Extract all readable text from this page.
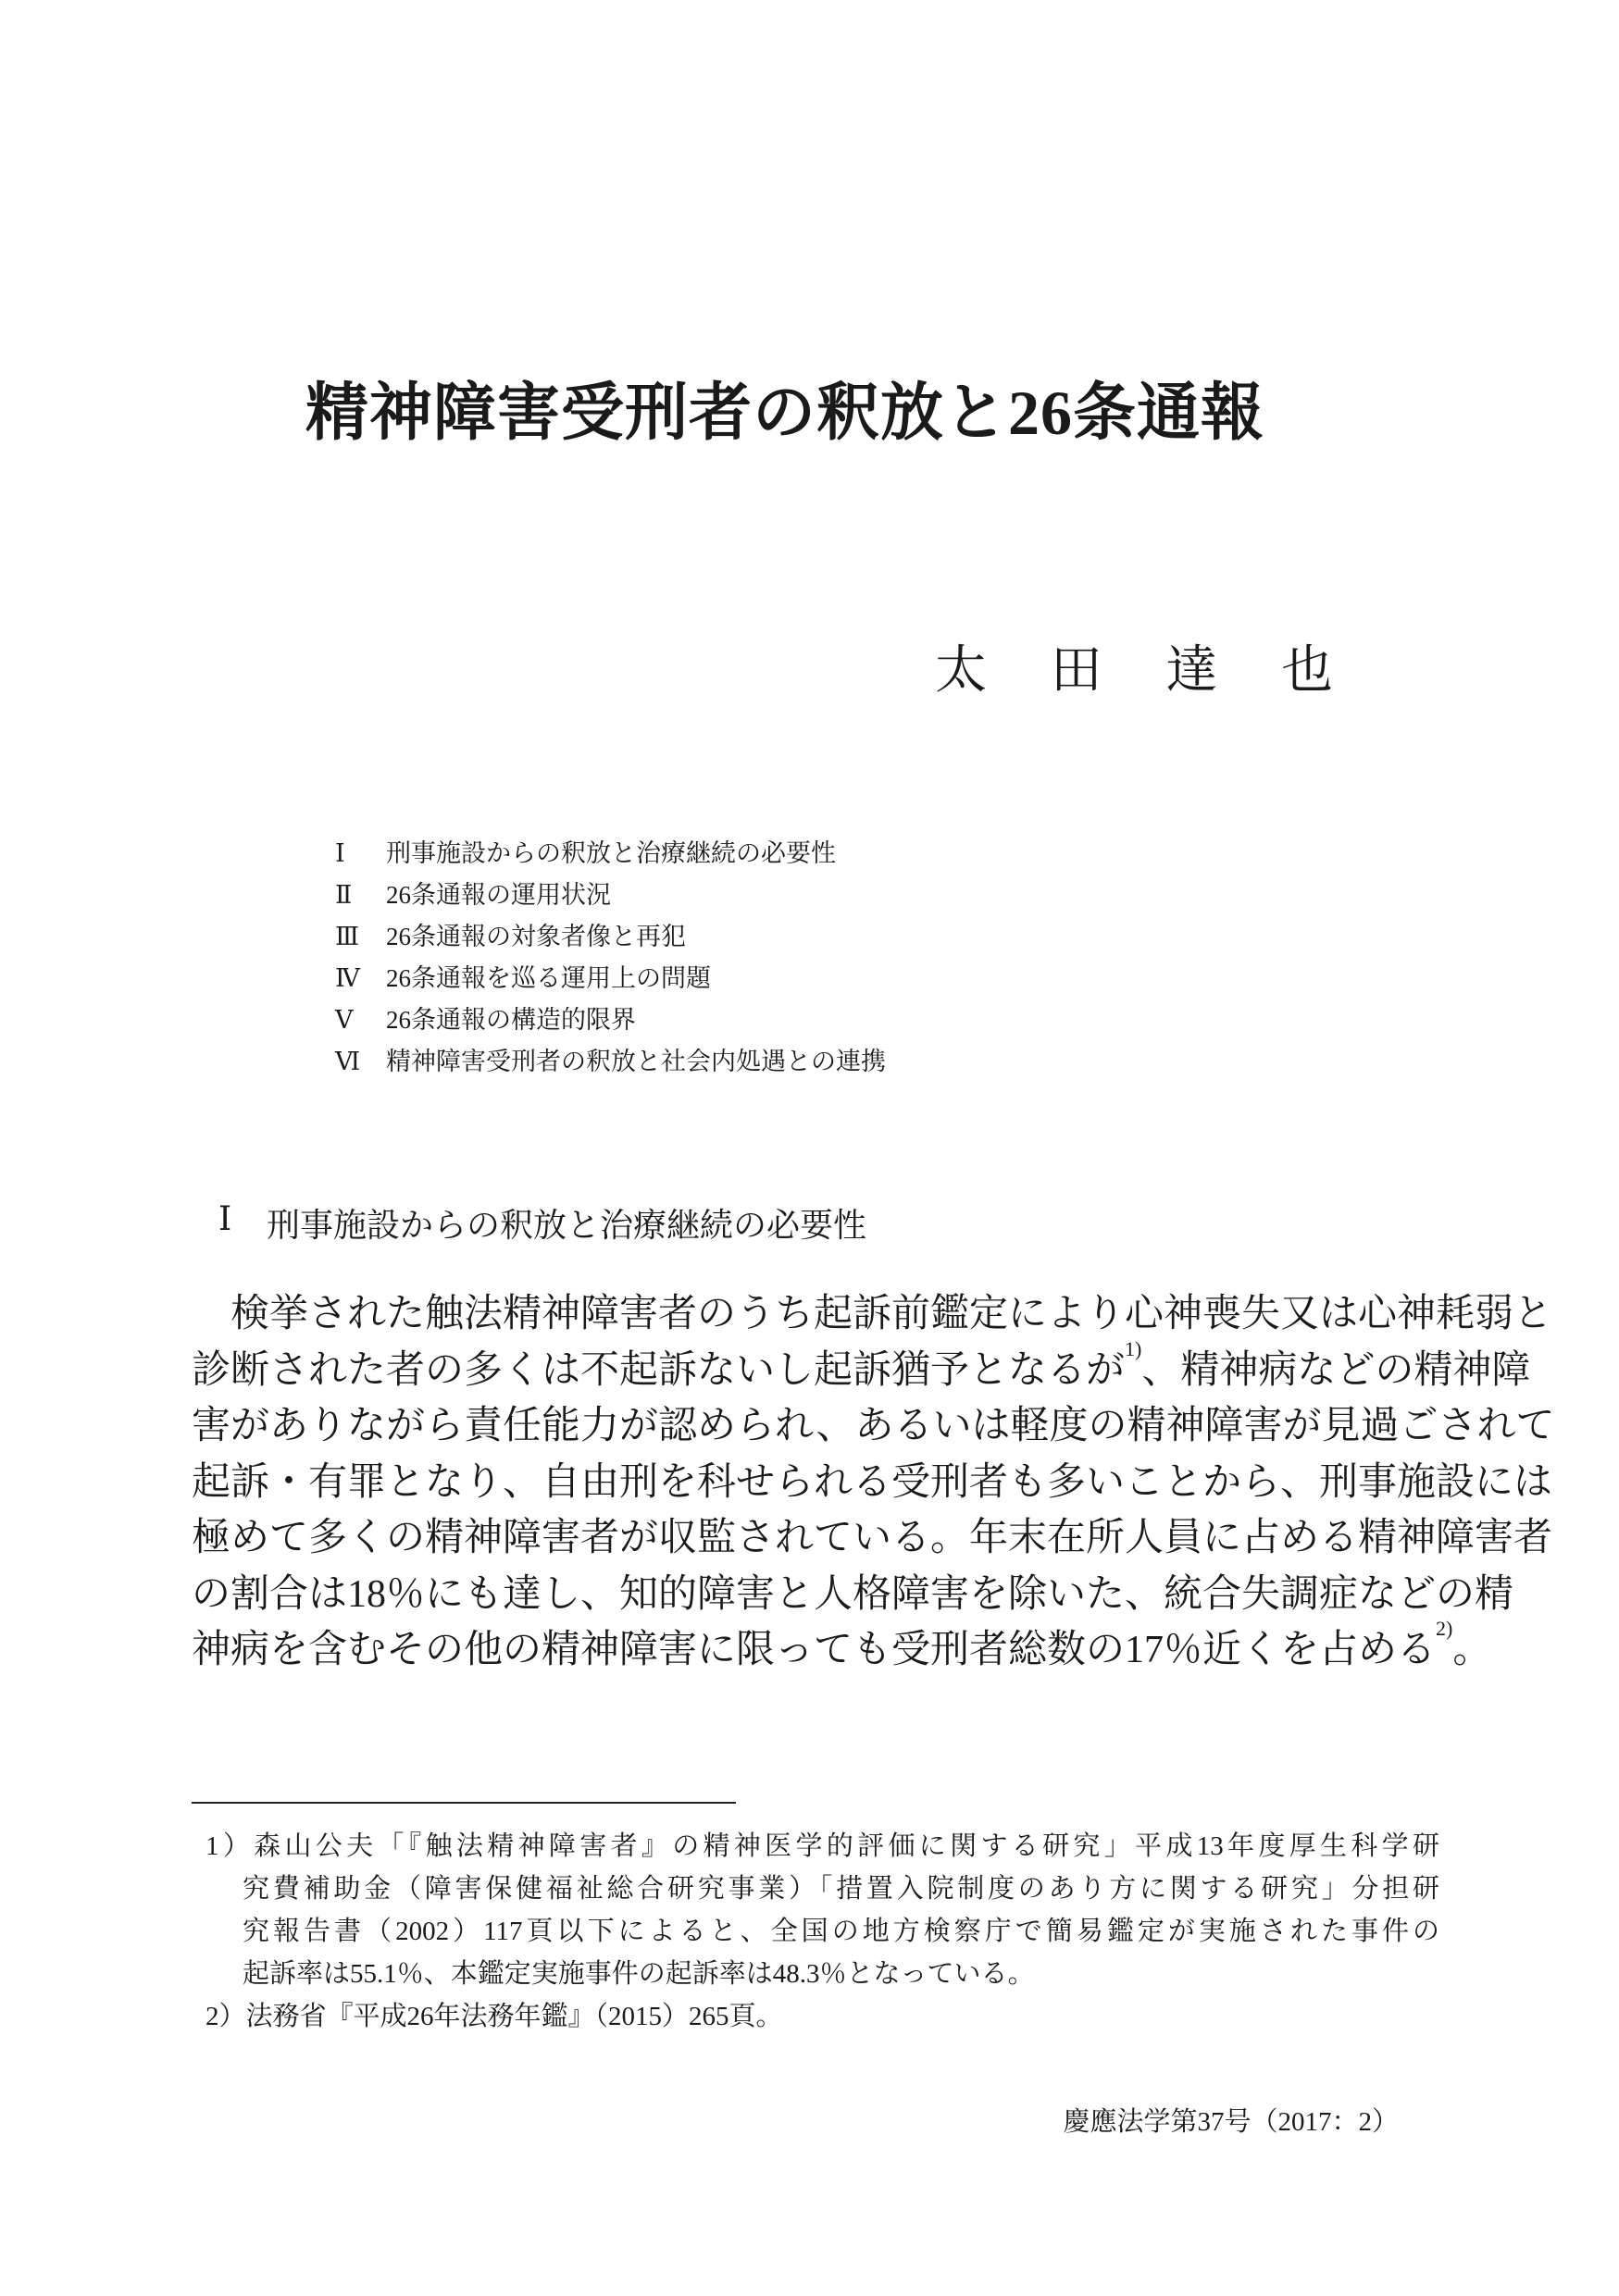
精神障害受刑者の釈放と26条通報
太 田 達 也
Ⅰ	刑事施設からの釈放と治療継続の必要性
Ⅱ	26条通報の運用状況
Ⅲ	26条通報の対象者像と再犯
Ⅳ	26条通報を巡る運用上の問題
Ⅴ	26条通報の構造的限界
Ⅵ	精神障害受刑者の釈放と社会内処遇との連携
Ⅰ	刑事施設からの釈放と治療継続の必要性
　検挙された触法精神障害者のうち起訴前鑑定により心神喪失又は心神耗弱と
診断された者の多くは不起訴ないし起訴猶予となるが$^{1)}$、精神病などの精神障
害がありながら責任能力が認められ、あるいは軽度の精神障害が見過ごされて
起訴・有罪となり、自由刑を科せられる受刑者も多いことから、刑事施設には
極めて多くの精神障害者が収監されている。年末在所人員に占める精神障害者
の割合は18％にも達し、知的障害と人格障害を除いた、統合失調症などの精
神病を含むその他の精神障害に限っても受刑者総数の17％近くを占める$^{2)}$。
1）森山公夫「『触法精神障害者』の精神医学的評価に関する研究」平成13年度厚生科学研
究費補助金（障害保健福祉総合研究事業）「措置入院制度のあり方に関する研究」分担研
究報告書（2002）117頁以下によると、全国の地方検察庁で簡易鑑定が実施された事件の
起訴率は55.1％、本鑑定実施事件の起訴率は48.3％となっている。
2）法務省『平成26年法務年鑑』（2015）265頁。
慶應法学第37号（2017：2）
